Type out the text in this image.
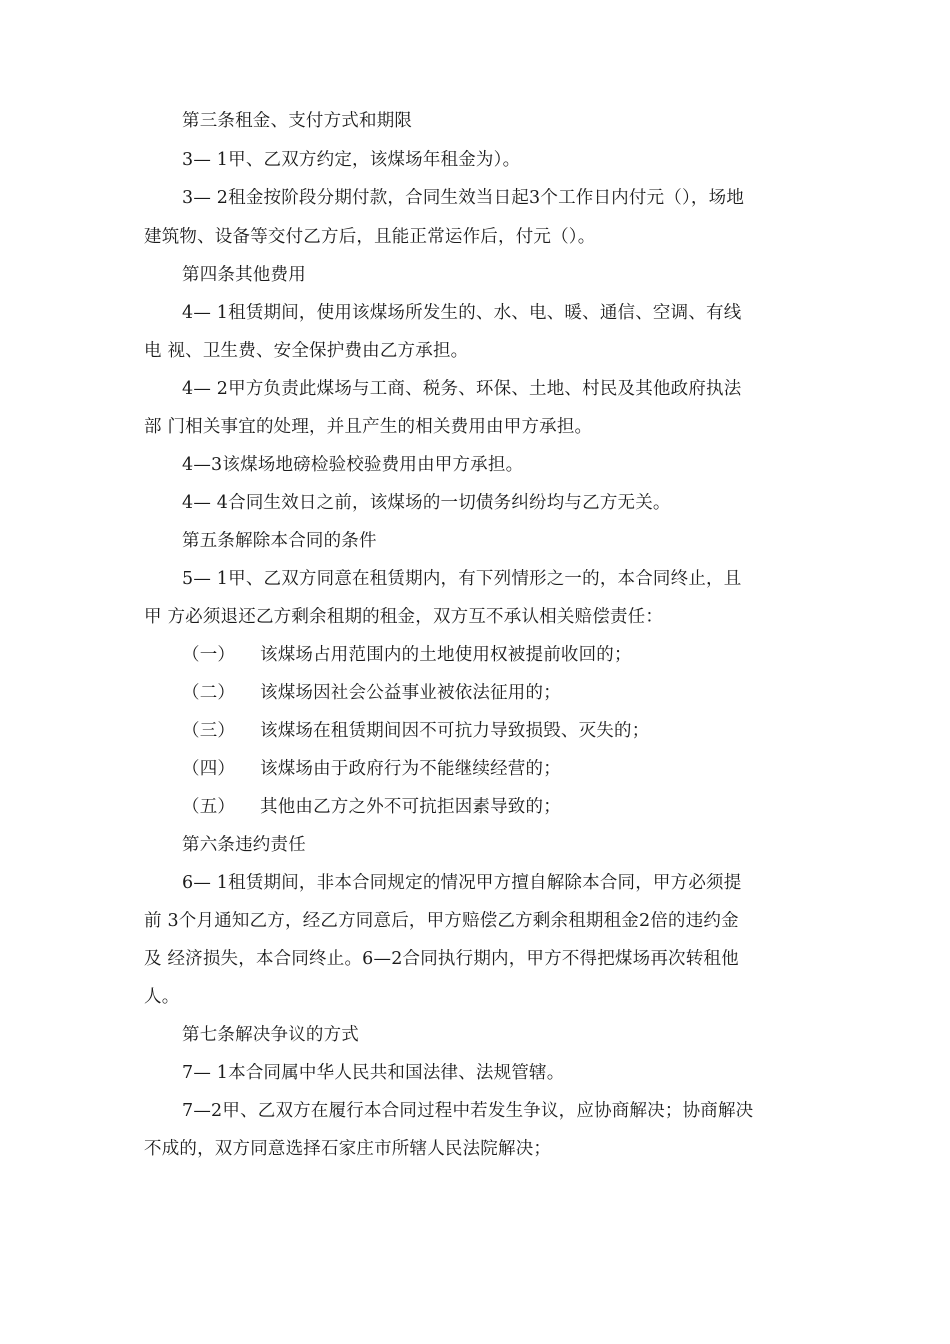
第三条租金、支付方式和期限
3— 1甲、乙双方约定，该煤场年租金为）。
3— 2租金按阶段分期付款，合同生效当日起3个工作日内付元（），场地
建筑物、设备等交付乙方后，且能正常运作后，付元（）。
第四条其他费用
4— 1租赁期间，使用该煤场所发生的、水、电、暖、通信、空调、有线
电 视、卫生费、安全保护费由乙方承担。
4— 2甲方负责此煤场与工商、税务、环保、土地、村民及其他政府执法
部 门相关事宜的处理，并且产生的相关费用由甲方承担。
4—3该煤场地磅检验校验费用由甲方承担。
4— 4合同生效日之前，该煤场的一切债务纠纷均与乙方无关。
第五条解除本合同的条件
5— 1甲、乙双方同意在租赁期内，有下列情形之一的，本合同终止，且
甲 方必须退还乙方剩余租期的租金，双方互不承认相关赔偿责任：
（一） 该煤场占用范围内的土地使用权被提前收回的；
（二） 该煤场因社会公益事业被依法征用的；
（三） 该煤场在租赁期间因不可抗力导致损毁、灭失的；
（四） 该煤场由于政府行为不能继续经营的；
（五） 其他由乙方之外不可抗拒因素导致的；
第六条违约责任
6— 1租赁期间，非本合同规定的情况甲方擅自解除本合同，甲方必须提
前 3个月通知乙方，经乙方同意后，甲方赔偿乙方剩余租期租金2倍的违约金
及 经济损失，本合同终止。6—2合同执行期内，甲方不得把煤场再次转租他
人。
第七条解决争议的方式
7— 1本合同属中华人民共和国法律、法规管辖。
7—2甲、乙双方在履行本合同过程中若发生争议，应协商解决；协商解决
不成的，双方同意选择石家庄市所辖人民法院解决；
